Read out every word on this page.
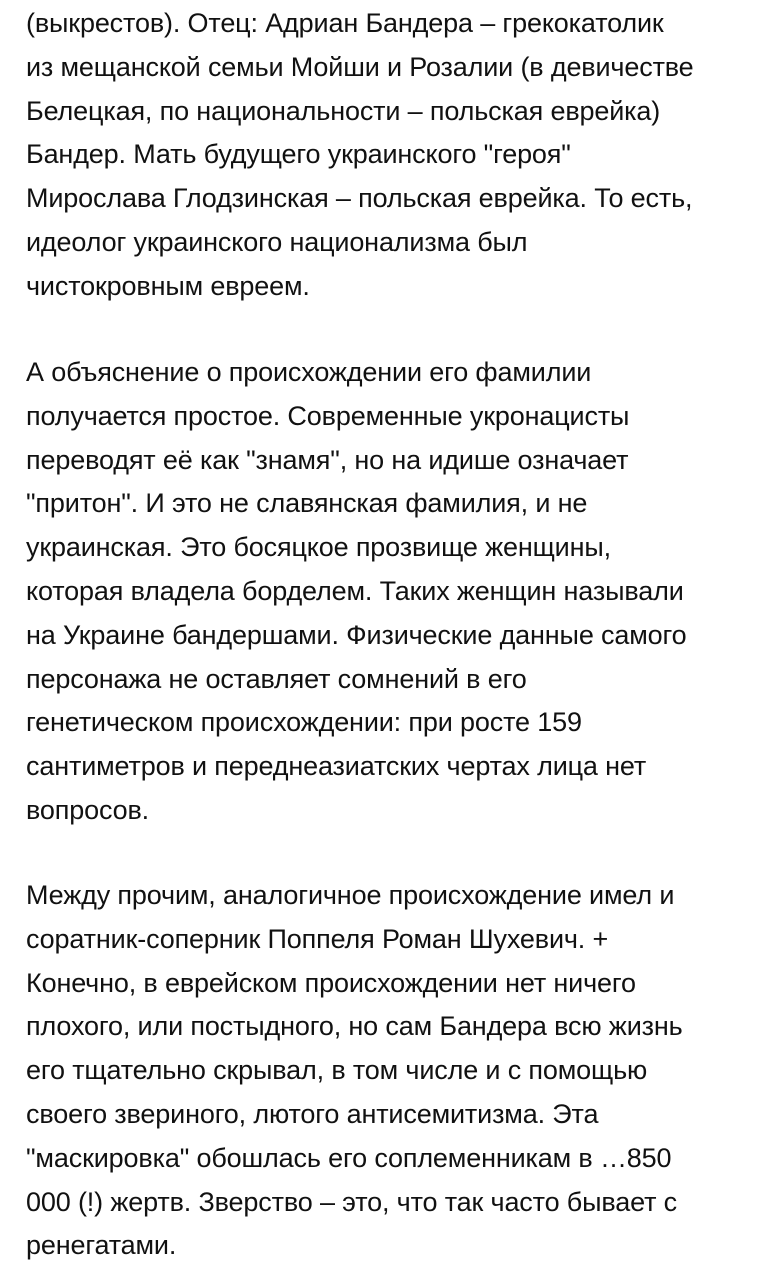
(выкрестов). Отец: Адриан Бандера – грекокатолик
из мещанской семьи Мойши и Розалии (в девичестве
Белецкая, по национальности – польская еврейка)
Бандер. Мать будущего украинского "героя"
Мирослава Глодзинская – польская еврейка. То есть,
идеолог украинского национализма был
чистокровным евреем.

А объяснение о происхождении его фамилии
получается простое. Современные укронацисты
переводят её как "знамя", но на идише означает
"притон". И это не славянская фамилия, и не
украинская. Это босяцкое прозвище женщины,
которая владела борделем. Таких женщин называли
на Украине бандершами. Физические данные самого
персонажа не оставляет сомнений в его
генетическом происхождении: при росте 159
сантиметров и переднеазиатских чертах лица нет
вопросов.

Между прочим, аналогичное происхождение имел и
соратник-соперник Поппеля Роман Шухевич. +
Конечно, в еврейском происхождении нет ничего
плохого, или постыдного, но сам Бандера всю жизнь
его тщательно скрывал, в том числе и с помощью
своего звериного, лютого антисемитизма. Эта
"маскировка" обошлась его соплеменникам в …850
000 (!) жертв. Зверство – это, что так часто бывает с
ренегатами.
